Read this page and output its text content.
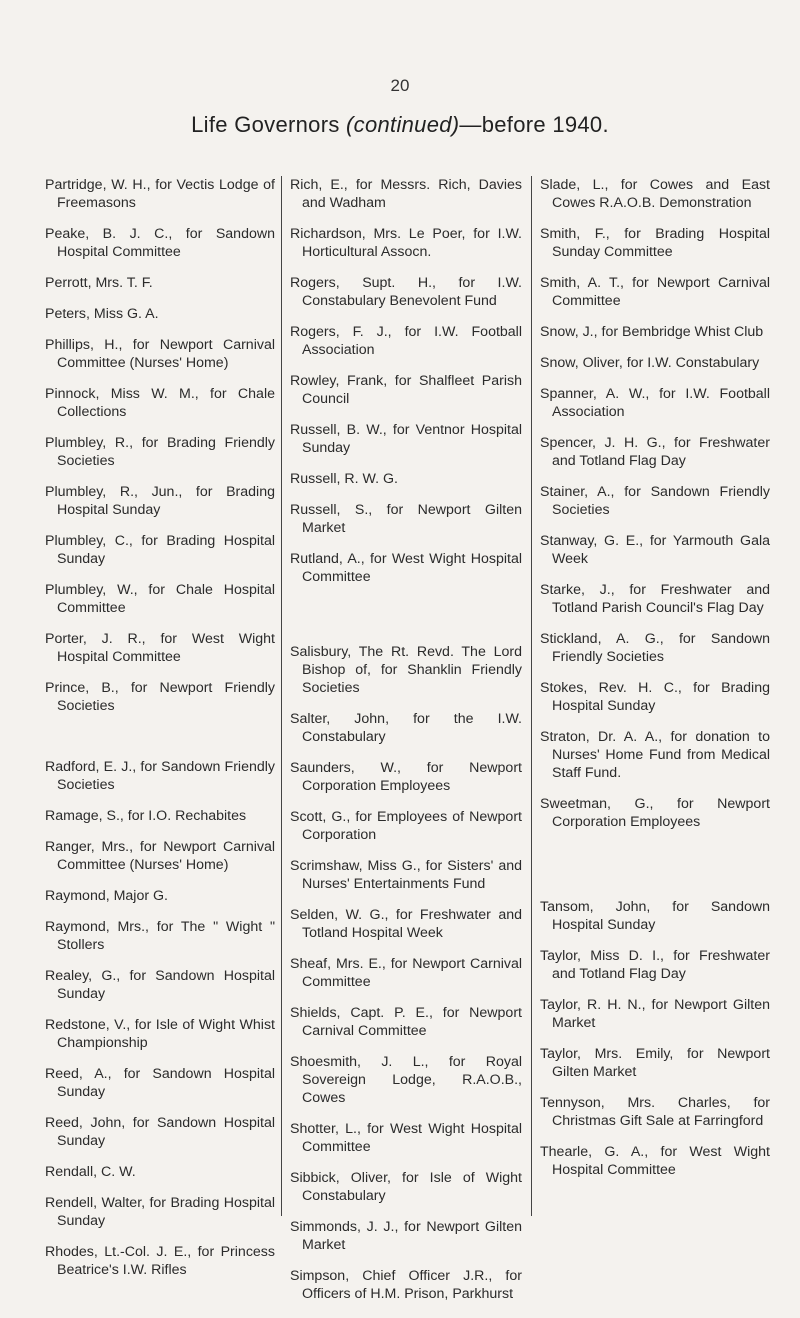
20
Life Governors (continued)—before 1940.
Partridge, W. H., for Vectis Lodge of Freemasons
Peake, B. J. C., for Sandown Hospital Committee
Perrott, Mrs. T. F.
Peters, Miss G. A.
Phillips, H., for Newport Carnival Committee (Nurses' Home)
Pinnock, Miss W. M., for Chale Collections
Plumbley, R., for Brading Friendly Societies
Plumbley, R., Jun., for Brading Hospital Sunday
Plumbley, C., for Brading Hospital Sunday
Plumbley, W., for Chale Hospital Committee
Porter, J. R., for West Wight Hospital Committee
Prince, B., for Newport Friendly Societies
Radford, E. J., for Sandown Friendly Societies
Ramage, S., for I.O. Rechabites
Ranger, Mrs., for Newport Carnival Committee (Nurses' Home)
Raymond, Major G.
Raymond, Mrs., for The " Wight " Stollers
Realey, G., for Sandown Hospital Sunday
Redstone, V., for Isle of Wight Whist Championship
Reed, A., for Sandown Hospital Sunday
Reed, John, for Sandown Hospital Sunday
Rendall, C. W.
Rendell, Walter, for Brading Hospital Sunday
Rhodes, Lt.-Col. J. E., for Princess Beatrice's I.W. Rifles
Rich, E., for Messrs. Rich, Davies and Wadham
Richardson, Mrs. Le Poer, for I.W. Horticultural Assocn.
Rogers, Supt. H., for I.W. Constabulary Benevolent Fund
Rogers, F. J., for I.W. Football Association
Rowley, Frank, for Shalfleet Parish Council
Russell, B. W., for Ventnor Hospital Sunday
Russell, R. W. G.
Russell, S., for Newport Gilten Market
Rutland, A., for West Wight Hospital Committee
Salisbury, The Rt. Revd. The Lord Bishop of, for Shanklin Friendly Societies
Salter, John, for the I.W. Constabulary
Saunders, W., for Newport Corporation Employees
Scott, G., for Employees of Newport Corporation
Scrimshaw, Miss G., for Sisters' and Nurses' Entertainments Fund
Selden, W. G., for Freshwater and Totland Hospital Week
Sheaf, Mrs. E., for Newport Carnival Committee
Shields, Capt. P. E., for Newport Carnival Committee
Shoesmith, J. L., for Royal Sovereign Lodge, R.A.O.B., Cowes
Shotter, L., for West Wight Hospital Committee
Sibbick, Oliver, for Isle of Wight Constabulary
Simmonds, J. J., for Newport Gilten Market
Simpson, Chief Officer J.R., for Officers of H.M. Prison, Parkhurst
Slade, L., for Cowes and East Cowes R.A.O.B. Demonstration
Smith, F., for Brading Hospital Sunday Committee
Smith, A. T., for Newport Carnival Committee
Snow, J., for Bembridge Whist Club
Snow, Oliver, for I.W. Constabulary
Spanner, A. W., for I.W. Football Association
Spencer, J. H. G., for Freshwater and Totland Flag Day
Stainer, A., for Sandown Friendly Societies
Stanway, G. E., for Yarmouth Gala Week
Starke, J., for Freshwater and Totland Parish Council's Flag Day
Stickland, A. G., for Sandown Friendly Societies
Stokes, Rev. H. C., for Brading Hospital Sunday
Straton, Dr. A. A., for donation to Nurses' Home Fund from Medical Staff Fund.
Sweetman, G., for Newport Corporation Employees
Tansom, John, for Sandown Hospital Sunday
Taylor, Miss D. I., for Freshwater and Totland Flag Day
Taylor, R. H. N., for Newport Gilten Market
Taylor, Mrs. Emily, for Newport Gilten Market
Tennyson, Mrs. Charles, for Christmas Gift Sale at Farringford
Thearle, G. A., for West Wight Hospital Committee
